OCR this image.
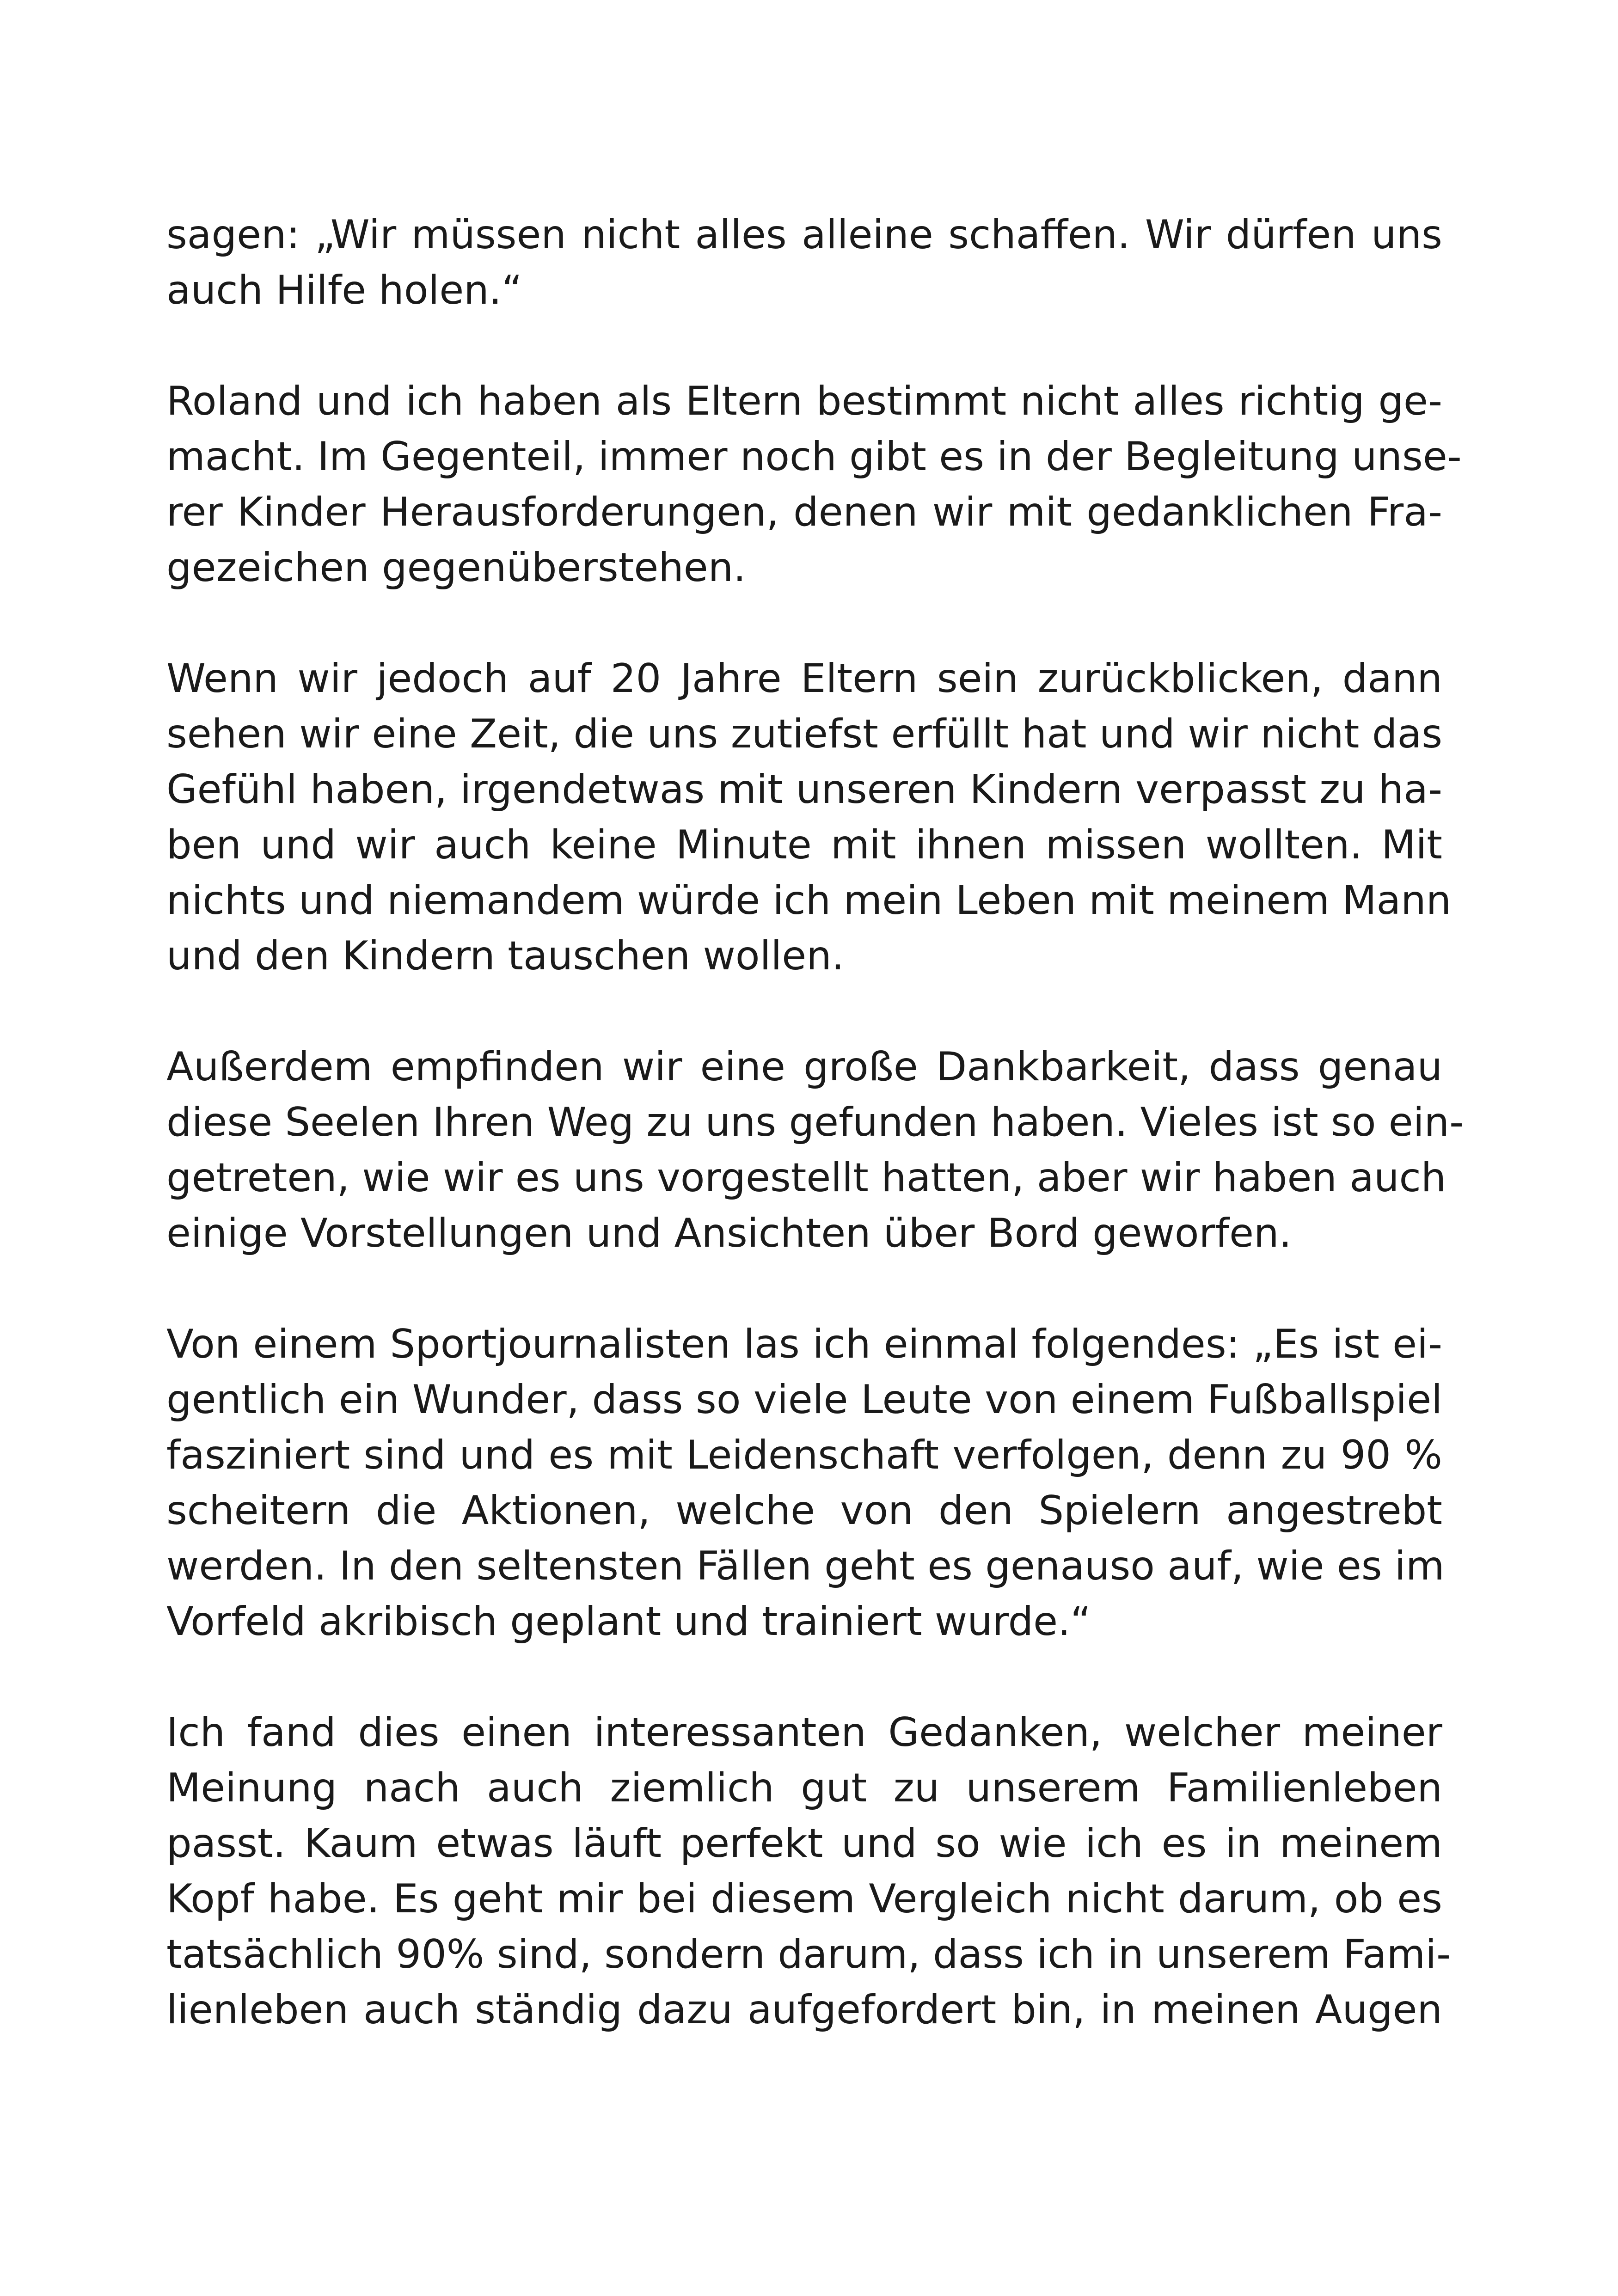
sagen: „Wir müssen nicht alles alleine schaffen. Wir dürfen uns
auch Hilfe holen.“
Roland und ich haben als Eltern bestimmt nicht alles richtig ge-
macht. Im Gegenteil, immer noch gibt es in der Begleitung unse-
rer Kinder Herausforderungen, denen wir mit gedanklichen Fra-
gezeichen gegenüberstehen.
Wenn wir jedoch auf 20 Jahre Eltern sein zurückblicken, dann
sehen wir eine Zeit, die uns zutiefst erfüllt hat und wir nicht das
Gefühl haben, irgendetwas mit unseren Kindern verpasst zu ha-
ben und wir auch keine Minute mit ihnen missen wollten. Mit
nichts und niemandem würde ich mein Leben mit meinem Mann
und den Kindern tauschen wollen.
Außerdem empfinden wir eine große Dankbarkeit, dass genau
diese Seelen Ihren Weg zu uns gefunden haben. Vieles ist so ein-
getreten, wie wir es uns vorgestellt hatten, aber wir haben auch
einige Vorstellungen und Ansichten über Bord geworfen.
Von einem Sportjournalisten las ich einmal folgendes: „Es ist ei-
gentlich ein Wunder, dass so viele Leute von einem Fußballspiel
fasziniert sind und es mit Leidenschaft verfolgen, denn zu 90 %
scheitern die Aktionen, welche von den Spielern angestrebt
werden. In den seltensten Fällen geht es genauso auf, wie es im
Vorfeld akribisch geplant und trainiert wurde.“
Ich fand dies einen interessanten Gedanken, welcher meiner
Meinung nach auch ziemlich gut zu unserem Familienleben
passt. Kaum etwas läuft perfekt und so wie ich es in meinem
Kopf habe. Es geht mir bei diesem Vergleich nicht darum, ob es
tatsächlich 90% sind, sondern darum, dass ich in unserem Fami-
lienleben auch ständig dazu aufgefordert bin, in meinen Augen
